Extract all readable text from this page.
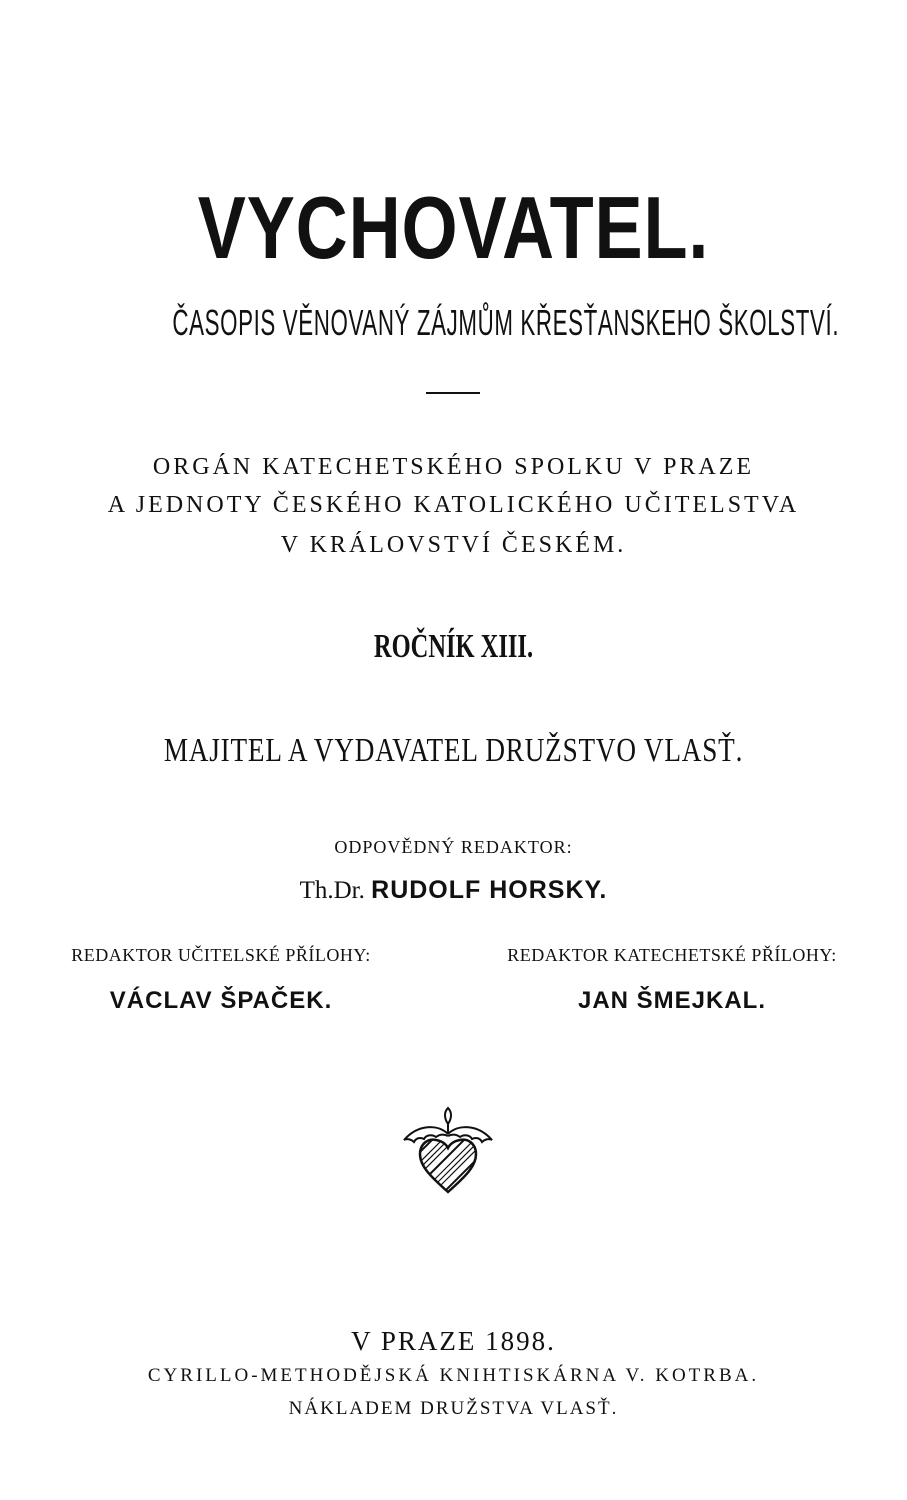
VYCHOVATEL.
ČASOPIS VĚNOVANÝ ZÁJMŮM KŘESŤANSKEHO ŠKOLSTVÍ.
ORGÁN KATECHETSKÉHO SPOLKU V PRAZE
A JEDNOTY ČESKÉHO KATOLICKÉHO UČITELSTVA
V KRÁLOVSTVÍ ČESKÉM.
ROČNÍK XIII.
MAJITEL A VYDAVATEL DRUŽSTVO VLASŤ.
ODPOVĚDNÝ REDAKTOR:
Th.Dr. RUDOLF HORSKY.
REDAKTOR UČITELSKÉ PŘÍLOHY:
VÁCLAV ŠPAČEK.
REDAKTOR KATECHETSKÉ PŘÍLOHY:
JAN ŠMEJKAL.
V PRAZE 1898.
CYRILLO-METHODĚJSKÁ KNIHTISKÁRNA V. KOTRBA.
NÁKLADEM DRUŽSTVA VLASŤ.
